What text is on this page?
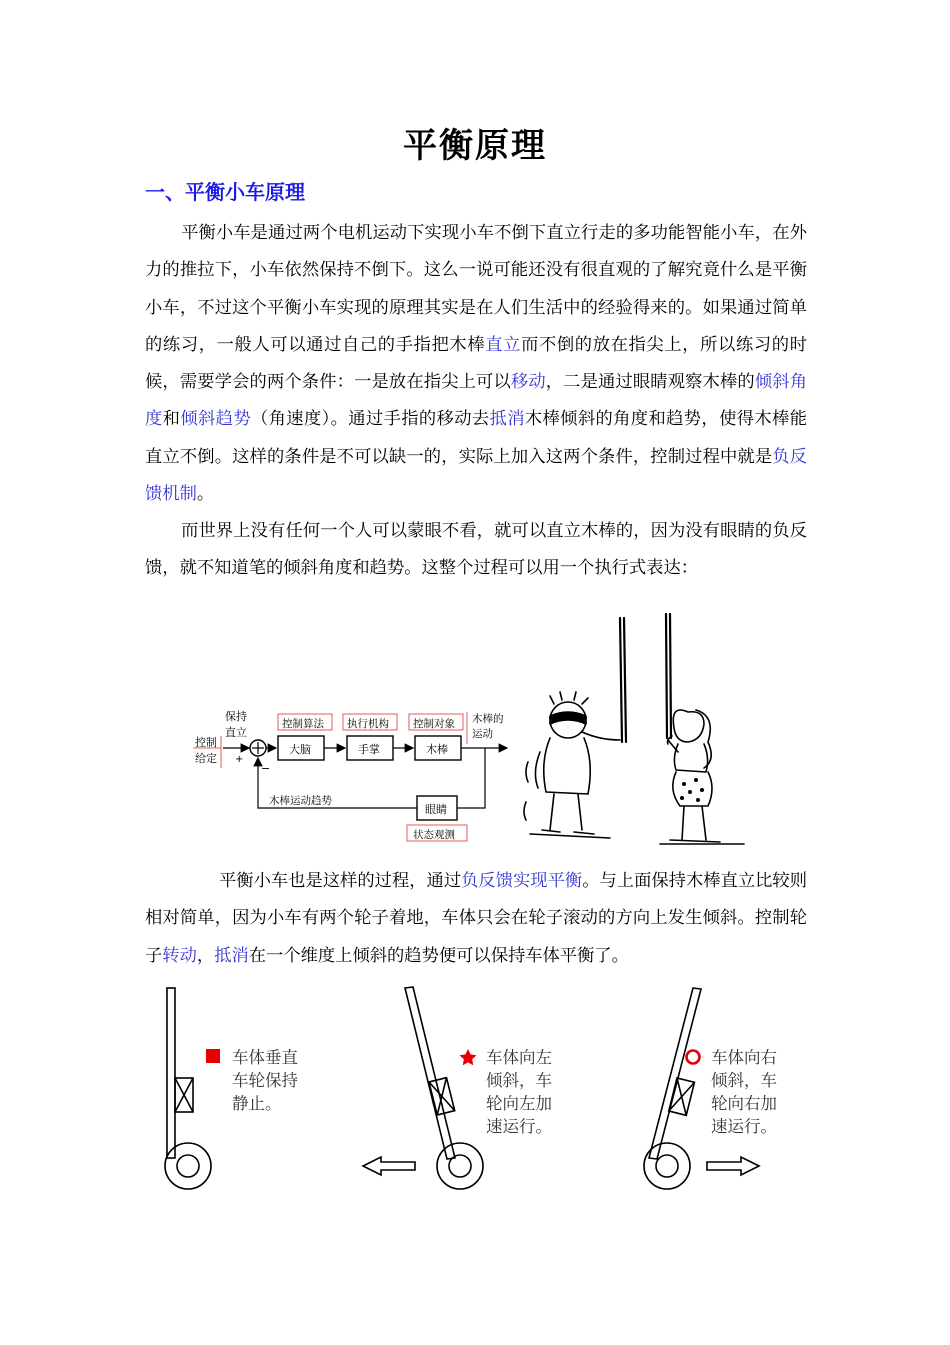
平衡原理
一、平衡小车原理

平衡小车是通过两个电机运动下实现小车不倒下直立行走的多功能智能小车，在外力的推拉下，小车依然保持不倒下。这么一说可能还没有很直观的了解究竟什么是平衡小车，不过这个平衡小车实现的原理其实是在人们生活中的经验得来的。如果通过简单的练习，一般人可以通过自己的手指把木棒直立而不倒的放在指尖上，所以练习的时候，需要学会的两个条件：一是放在指尖上可以移动，二是通过眼睛观察木棒的倾斜角度和倾斜趋势（角速度）。通过手指的移动去抵消木棒倾斜的角度和趋势，使得木棒能直立不倒。这样的条件是不可以缺一的，实际上加入这两个条件，控制过程中就是负反馈机制。

而世界上没有任何一个人可以蒙眼不看，就可以直立木棒的，因为没有眼睛的负反馈，就不知道笔的倾斜角度和趋势。这整个过程可以用一个执行式表达：

控制
给定
保持
直立
+
−
控制算法
大脑
执行机构
手掌
控制对象
木棒
木棒的
运动
眼睛
木棒运动趋势
状态观测

平衡小车也是这样的过程，通过负反馈实现平衡。与上面保持木棒直立比较则相对简单，因为小车有两个轮子着地，车体只会在轮子滚动的方向上发生倾斜。控制轮子转动，抵消在一个维度上倾斜的趋势便可以保持车体平衡了。

车体垂直
车轮保持
静止。
车体向左
倾斜，车
轮向左加
速运行。
车体向右
倾斜，车
轮向右加
速运行。
